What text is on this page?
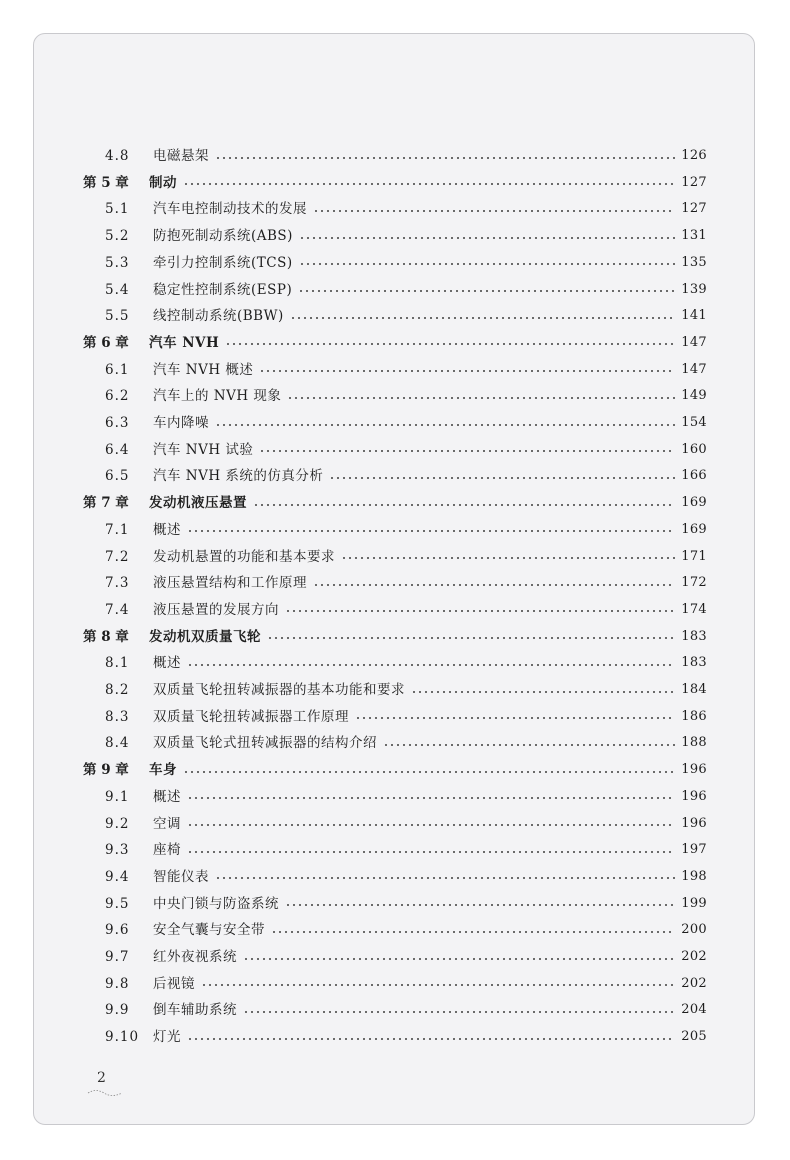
4.8	电磁悬架	126
第 5 章	制动	127
5.1	汽车电控制动技术的发展	127
5.2	防抱死制动系统(ABS)	131
5.3	牵引力控制系统(TCS)	135
5.4	稳定性控制系统(ESP)	139
5.5	线控制动系统(BBW)	141
第 6 章	汽车 NVH	147
6.1	汽车 NVH 概述	147
6.2	汽车上的 NVH 现象	149
6.3	车内降噪	154
6.4	汽车 NVH 试验	160
6.5	汽车 NVH 系统的仿真分析	166
第 7 章	发动机液压悬置	169
7.1	概述	169
7.2	发动机悬置的功能和基本要求	171
7.3	液压悬置结构和工作原理	172
7.4	液压悬置的发展方向	174
第 8 章	发动机双质量飞轮	183
8.1	概述	183
8.2	双质量飞轮扭转减振器的基本功能和要求	184
8.3	双质量飞轮扭转减振器工作原理	186
8.4	双质量飞轮式扭转减振器的结构介绍	188
第 9 章	车身	196
9.1	概述	196
9.2	空调	196
9.3	座椅	197
9.4	智能仪表	198
9.5	中央门锁与防盗系统	199
9.6	安全气囊与安全带	200
9.7	红外夜视系统	202
9.8	后视镜	202
9.9	倒车辅助系统	204
9.10	灯光	205
2
